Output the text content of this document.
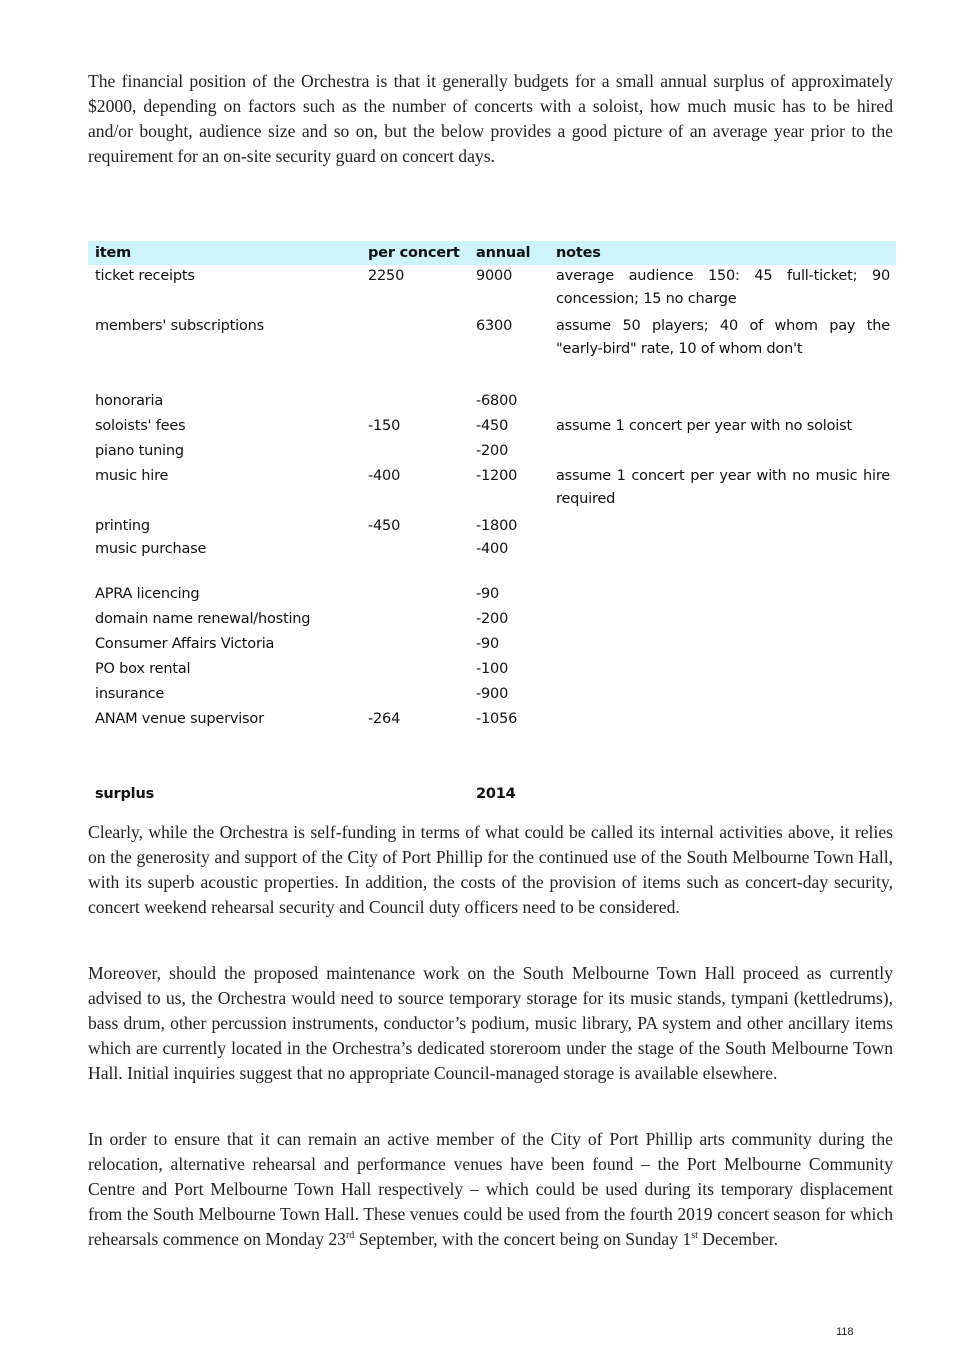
The financial position of the Orchestra is that it generally budgets for a small annual surplus of approximately $2000, depending on factors such as the number of concerts with a soloist, how much music has to be hired and/or bought, audience size and so on, but the below provides a good picture of an average year prior to the requirement for an on-site security guard on concert days.

item	per concert	annual	notes
ticket receipts	2250	9000	average audience 150: 45 full-ticket; 90 concession; 15 no charge
members' subscriptions		6300	assume 50 players; 40 of whom pay the "early-bird" rate, 10 of whom don't
honoraria		-6800	
soloists' fees	-150	-450	assume 1 concert per year with no soloist
piano tuning		-200	
music hire	-400	-1200	assume 1 concert per year with no music hire required
printing	-450	-1800	
music purchase		-400	
APRA licencing		-90	
domain name renewal/hosting		-200	
Consumer Affairs Victoria		-90	
PO box rental		-100	
insurance		-900	
ANAM venue supervisor	-264	-1056	

surplus		2014	

Clearly, while the Orchestra is self-funding in terms of what could be called its internal activities above, it relies on the generosity and support of the City of Port Phillip for the continued use of the South Melbourne Town Hall, with its superb acoustic properties. In addition, the costs of the provision of items such as concert-day security, concert weekend rehearsal security and Council duty officers need to be considered.

Moreover, should the proposed maintenance work on the South Melbourne Town Hall proceed as currently advised to us, the Orchestra would need to source temporary storage for its music stands, tympani (kettledrums), bass drum, other percussion instruments, conductor’s podium, music library, PA system and other ancillary items which are currently located in the Orchestra’s dedicated storeroom under the stage of the South Melbourne Town Hall. Initial inquiries suggest that no appropriate Council-managed storage is available elsewhere.

In order to ensure that it can remain an active member of the City of Port Phillip arts community during the relocation, alternative rehearsal and performance venues have been found – the Port Melbourne Community Centre and Port Melbourne Town Hall respectively – which could be used during its temporary displacement from the South Melbourne Town Hall. These venues could be used from the fourth 2019 concert season for which rehearsals commence on Monday 23rd September, with the concert being on Sunday 1st December.

118
